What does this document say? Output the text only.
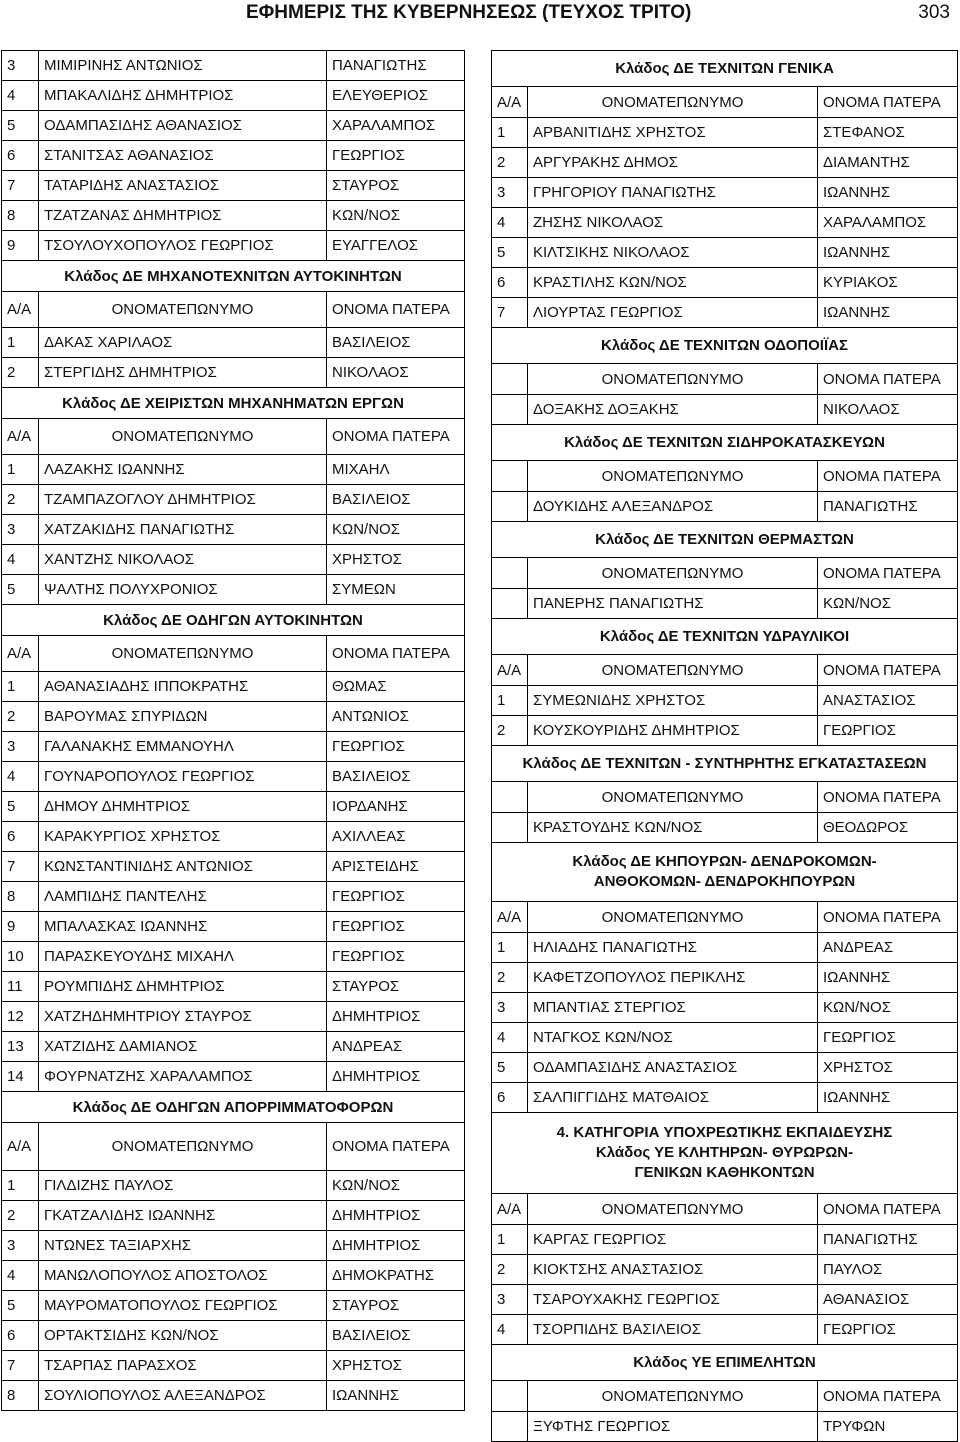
ΕΦΗΜΕΡΙΣ ΤΗΣ ΚΥΒΕΡΝΗΣΕΩΣ (ΤΕΥΧΟΣ ΤΡΙΤΟ)	303
3	ΜΙΜΙΡΙΝΗΣ ΑΝΤΩΝΙΟΣ	ΠΑΝΑΓΙΩΤΗΣ
4	ΜΠΑΚΑΛΙΔΗΣ ΔΗΜΗΤΡΙΟΣ	ΕΛΕΥΘΕΡΙΟΣ
5	ΟΔΑΜΠΑΣΙΔΗΣ ΑΘΑΝΑΣΙΟΣ	ΧΑΡΑΛΑΜΠΟΣ
6	ΣΤΑΝΙΤΣΑΣ ΑΘΑΝΑΣΙΟΣ	ΓΕΩΡΓΙΟΣ
7	ΤΑΤΑΡΙΔΗΣ ΑΝΑΣΤΑΣΙΟΣ	ΣΤΑΥΡΟΣ
8	ΤΖΑΤΖΑΝΑΣ ΔΗΜΗΤΡΙΟΣ	ΚΩΝ/ΝΟΣ
9	ΤΣΟΥΛΟΥΧΟΠΟΥΛΟΣ ΓΕΩΡΓΙΟΣ	ΕΥΑΓΓΕΛΟΣ
Κλάδος ΔΕ ΜΗΧΑΝΟΤΕΧΝΙΤΩΝ ΑΥΤΟΚΙΝΗΤΩΝ		
Α/Α	ΟΝΟΜΑΤΕΠΩΝΥΜΟ	ΟΝΟΜΑ ΠΑΤΕΡΑ
1	ΔΑΚΑΣ ΧΑΡΙΛΑΟΣ	ΒΑΣΙΛΕΙΟΣ
2	ΣΤΕΡΓΙΔΗΣ ΔΗΜΗΤΡΙΟΣ	ΝΙΚΟΛΑΟΣ
Κλάδος ΔΕ ΧΕΙΡΙΣΤΩΝ ΜΗΧΑΝΗΜΑΤΩΝ ΕΡΓΩΝ		
Α/Α	ΟΝΟΜΑΤΕΠΩΝΥΜΟ	ΟΝΟΜΑ ΠΑΤΕΡΑ
1	ΛΑΖΑΚΗΣ ΙΩΑΝΝΗΣ	ΜΙΧΑΗΛ
2	ΤΖΑΜΠΑΖΟΓΛΟΥ ΔΗΜΗΤΡΙΟΣ	ΒΑΣΙΛΕΙΟΣ
3	ΧΑΤΖΑΚΙΔΗΣ ΠΑΝΑΓΙΩΤΗΣ	ΚΩΝ/ΝΟΣ
4	ΧΑΝΤΖΗΣ ΝΙΚΟΛΑΟΣ	ΧΡΗΣΤΟΣ
5	ΨΑΛΤΗΣ ΠΟΛΥΧΡΟΝΙΟΣ	ΣΥΜΕΩΝ
Κλάδος ΔΕ ΟΔΗΓΩΝ ΑΥΤΟΚΙΝΗΤΩΝ		
Α/Α	ΟΝΟΜΑΤΕΠΩΝΥΜΟ	ΟΝΟΜΑ ΠΑΤΕΡΑ
1	ΑΘΑΝΑΣΙΑΔΗΣ ΙΠΠΟΚΡΑΤΗΣ	ΘΩΜΑΣ
2	ΒΑΡΟΥΜΑΣ ΣΠΥΡΙΔΩΝ	ΑΝΤΩΝΙΟΣ
3	ΓΑΛΑΝΑΚΗΣ ΕΜΜΑΝΟΥΗΛ	ΓΕΩΡΓΙΟΣ
4	ΓΟΥΝΑΡΟΠΟΥΛΟΣ ΓΕΩΡΓΙΟΣ	ΒΑΣΙΛΕΙΟΣ
5	ΔΗΜΟΥ ΔΗΜΗΤΡΙΟΣ	ΙΟΡΔΑΝΗΣ
6	ΚΑΡΑΚΥΡΓΙΟΣ ΧΡΗΣΤΟΣ	ΑΧΙΛΛΕΑΣ
7	ΚΩΝΣΤΑΝΤΙΝΙΔΗΣ ΑΝΤΩΝΙΟΣ	ΑΡΙΣΤΕΙΔΗΣ
8	ΛΑΜΠΙΔΗΣ ΠΑΝΤΕΛΗΣ	ΓΕΩΡΓΙΟΣ
9	ΜΠΑΛΑΣΚΑΣ ΙΩΑΝΝΗΣ	ΓΕΩΡΓΙΟΣ
10	ΠΑΡΑΣΚΕΥΟΥΔΗΣ ΜΙΧΑΗΛ	ΓΕΩΡΓΙΟΣ
11	ΡΟΥΜΠΙΔΗΣ ΔΗΜΗΤΡΙΟΣ	ΣΤΑΥΡΟΣ
12	ΧΑΤΖΗΔΗΜΗΤΡΙΟΥ ΣΤΑΥΡΟΣ	ΔΗΜΗΤΡΙΟΣ
13	ΧΑΤΖΙΔΗΣ ΔΑΜΙΑΝΟΣ	ΑΝΔΡΕΑΣ
14	ΦΟΥΡΝΑΤΖΗΣ ΧΑΡΑΛΑΜΠΟΣ	ΔΗΜΗΤΡΙΟΣ
Κλάδος ΔΕ ΟΔΗΓΩΝ ΑΠΟΡΡΙΜΜΑΤΟΦΟΡΩΝ		
Α/Α	ΟΝΟΜΑΤΕΠΩΝΥΜΟ	ΟΝΟΜΑ ΠΑΤΕΡΑ
1	ΓΙΛΔΙΖΗΣ ΠΑΥΛΟΣ	ΚΩΝ/ΝΟΣ
2	ΓΚΑΤΖΑΛΙΔΗΣ ΙΩΑΝΝΗΣ	ΔΗΜΗΤΡΙΟΣ
3	ΝΤΩΝΕΣ ΤΑΞΙΑΡΧΗΣ	ΔΗΜΗΤΡΙΟΣ
4	ΜΑΝΩΛΟΠΟΥΛΟΣ ΑΠΟΣΤΟΛΟΣ	ΔΗΜΟΚΡΑΤΗΣ
5	ΜΑΥΡΟΜΑΤΟΠΟΥΛΟΣ ΓΕΩΡΓΙΟΣ	ΣΤΑΥΡΟΣ
6	ΟΡΤΑΚΤΣΙΔΗΣ ΚΩΝ/ΝΟΣ	ΒΑΣΙΛΕΙΟΣ
7	ΤΣΑΡΠΑΣ ΠΑΡΑΣΧΟΣ	ΧΡΗΣΤΟΣ
8	ΣΟΥΛΙΟΠΟΥΛΟΣ ΑΛΕΞΑΝΔΡΟΣ	ΙΩΑΝΝΗΣ
Κλάδος ΔΕ ΤΕΧΝΙΤΩΝ ΓΕΝΙΚΑ		
Α/Α	ΟΝΟΜΑΤΕΠΩΝΥΜΟ	ΟΝΟΜΑ ΠΑΤΕΡΑ
1	ΑΡΒΑΝΙΤΙΔΗΣ ΧΡΗΣΤΟΣ	ΣΤΕΦΑΝΟΣ
2	ΑΡΓΥΡΑΚΗΣ ΔΗΜΟΣ	ΔΙΑΜΑΝΤΗΣ
3	ΓΡΗΓΟΡΙΟΥ ΠΑΝΑΓΙΩΤΗΣ	ΙΩΑΝΝΗΣ
4	ΖΗΣΗΣ ΝΙΚΟΛΑΟΣ	ΧΑΡΑΛΑΜΠΟΣ
5	ΚΙΛΤΣΙΚΗΣ ΝΙΚΟΛΑΟΣ	ΙΩΑΝΝΗΣ
6	ΚΡΑΣΤΙΛΗΣ ΚΩΝ/ΝΟΣ	ΚΥΡΙΑΚΟΣ
7	ΛΙΟΥΡΤΑΣ ΓΕΩΡΓΙΟΣ	ΙΩΑΝΝΗΣ
Κλάδος ΔΕ ΤΕΧΝΙΤΩΝ ΟΔΟΠΟΙΪΑΣ		
	ΟΝΟΜΑΤΕΠΩΝΥΜΟ	ΟΝΟΜΑ ΠΑΤΕΡΑ
	ΔΟΞΑΚΗΣ ΔΟΞΑΚΗΣ	ΝΙΚΟΛΑΟΣ
Κλάδος ΔΕ ΤΕΧΝΙΤΩΝ ΣΙΔΗΡΟΚΑΤΑΣΚΕΥΩΝ		
	ΟΝΟΜΑΤΕΠΩΝΥΜΟ	ΟΝΟΜΑ ΠΑΤΕΡΑ
	ΔΟΥΚΙΔΗΣ ΑΛΕΞΑΝΔΡΟΣ	ΠΑΝΑΓΙΩΤΗΣ
Κλάδος ΔΕ ΤΕΧΝΙΤΩΝ ΘΕΡΜΑΣΤΩΝ		
	ΟΝΟΜΑΤΕΠΩΝΥΜΟ	ΟΝΟΜΑ ΠΑΤΕΡΑ
	ΠΑΝΕΡΗΣ ΠΑΝΑΓΙΩΤΗΣ	ΚΩΝ/ΝΟΣ
Κλάδος ΔΕ ΤΕΧΝΙΤΩΝ ΥΔΡΑΥΛΙΚΟΙ		
Α/Α	ΟΝΟΜΑΤΕΠΩΝΥΜΟ	ΟΝΟΜΑ ΠΑΤΕΡΑ
1	ΣΥΜΕΩΝΙΔΗΣ ΧΡΗΣΤΟΣ	ΑΝΑΣΤΑΣΙΟΣ
2	ΚΟΥΣΚΟΥΡΙΔΗΣ ΔΗΜΗΤΡΙΟΣ	ΓΕΩΡΓΙΟΣ
Κλάδος ΔΕ ΤΕΧΝΙΤΩΝ - ΣΥΝΤΗΡΗΤΗΣ ΕΓΚΑΤΑΣΤΑΣΕΩΝ		
	ΟΝΟΜΑΤΕΠΩΝΥΜΟ	ΟΝΟΜΑ ΠΑΤΕΡΑ
	ΚΡΑΣΤΟΥΔΗΣ ΚΩΝ/ΝΟΣ	ΘΕΟΔΩΡΟΣ

Κλάδος ΔΕ ΚΗΠΟΥΡΩΝ- ΔΕΝΔΡΟΚΟΜΩΝ-
ΑΝΘΟΚΟΜΩΝ- ΔΕΝΔΡΟΚΗΠΟΥΡΩΝ		

Α/Α	ΟΝΟΜΑΤΕΠΩΝΥΜΟ	ΟΝΟΜΑ ΠΑΤΕΡΑ
1	ΗΛΙΑΔΗΣ ΠΑΝΑΓΙΩΤΗΣ	ΑΝΔΡΕΑΣ
2	ΚΑΦΕΤΖΟΠΟΥΛΟΣ ΠΕΡΙΚΛΗΣ	ΙΩΑΝΝΗΣ
3	ΜΠΑΝΤΙΑΣ ΣΤΕΡΓΙΟΣ	ΚΩΝ/ΝΟΣ
4	ΝΤΑΓΚΟΣ ΚΩΝ/ΝΟΣ	ΓΕΩΡΓΙΟΣ
5	ΟΔΑΜΠΑΣΙΔΗΣ ΑΝΑΣΤΑΣΙΟΣ	ΧΡΗΣΤΟΣ
6	ΣΑΛΠΙΓΓΙΔΗΣ ΜΑΤΘΑΙΟΣ	ΙΩΑΝΝΗΣ

4. ΚΑΤΗΓΟΡΙΑ ΥΠΟΧΡΕΩΤΙΚΗΣ ΕΚΠΑΙΔΕΥΣΗΣ
Κλάδος ΥΕ ΚΛΗΤΗΡΩΝ- ΘΥΡΩΡΩΝ-
ΓΕΝΙΚΩΝ ΚΑΘΗΚΟΝΤΩΝ		

Α/Α	ΟΝΟΜΑΤΕΠΩΝΥΜΟ	ΟΝΟΜΑ ΠΑΤΕΡΑ
1	ΚΑΡΓΑΣ ΓΕΩΡΓΙΟΣ	ΠΑΝΑΓΙΩΤΗΣ
2	ΚΙΟΚΤΣΗΣ ΑΝΑΣΤΑΣΙΟΣ	ΠΑΥΛΟΣ
3	ΤΣΑΡΟΥΧΑΚΗΣ ΓΕΩΡΓΙΟΣ	ΑΘΑΝΑΣΙΟΣ
4	ΤΣΟΡΠΙΔΗΣ ΒΑΣΙΛΕΙΟΣ	ΓΕΩΡΓΙΟΣ
Κλάδος ΥΕ ΕΠΙΜΕΛΗΤΩΝ		
	ΟΝΟΜΑΤΕΠΩΝΥΜΟ	ΟΝΟΜΑ ΠΑΤΕΡΑ
	ΞΥΦΤΗΣ ΓΕΩΡΓΙΟΣ	ΤΡΥΦΩΝ
